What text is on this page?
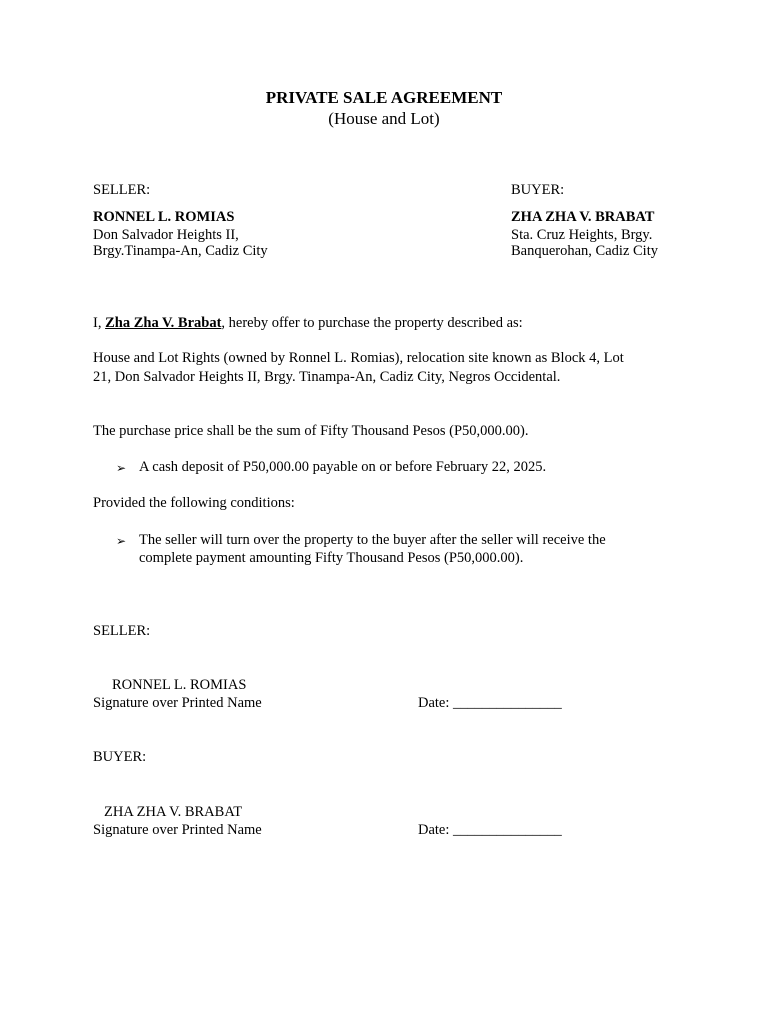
PRIVATE SALE AGREEMENT
(House and Lot)
SELLER:
RONNEL L. ROMIAS
Don Salvador Heights II,
Brgy.Tinampa-An, Cadiz City
BUYER:
ZHA ZHA V. BRABAT
Sta. Cruz Heights, Brgy.
Banquerohan, Cadiz City
I, Zha Zha V. Brabat, hereby offer to purchase the property described as:
House and Lot Rights (owned by Ronnel L. Romias), relocation site known as Block 4, Lot
21, Don Salvador Heights II, Brgy. Tinampa-An, Cadiz City, Negros Occidental.
The purchase price shall be the sum of Fifty Thousand Pesos (P50,000.00).
➢ A cash deposit of P50,000.00 payable on or before February 22, 2025.
Provided the following conditions:
➢ The seller will turn over the property to the buyer after the seller will receive the
complete payment amounting Fifty Thousand Pesos (P50,000.00).
SELLER:
RONNEL L. ROMIAS
Signature over Printed Name	Date: _______________
BUYER:
ZHA ZHA V. BRABAT
Signature over Printed Name	Date: _______________
